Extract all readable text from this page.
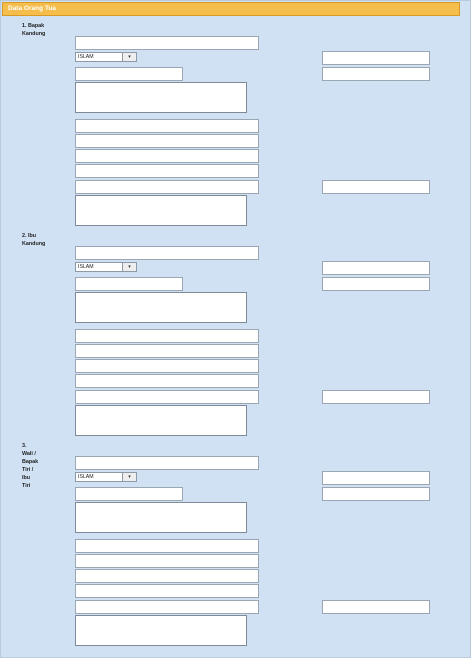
Data Orang Tua
1. Bapak Kandung
ISLAM	▾
2. Ibu Kandung
ISLAM	▾
3. Wali / Bapak Tiri / Ibu Tiri
ISLAM	▾
